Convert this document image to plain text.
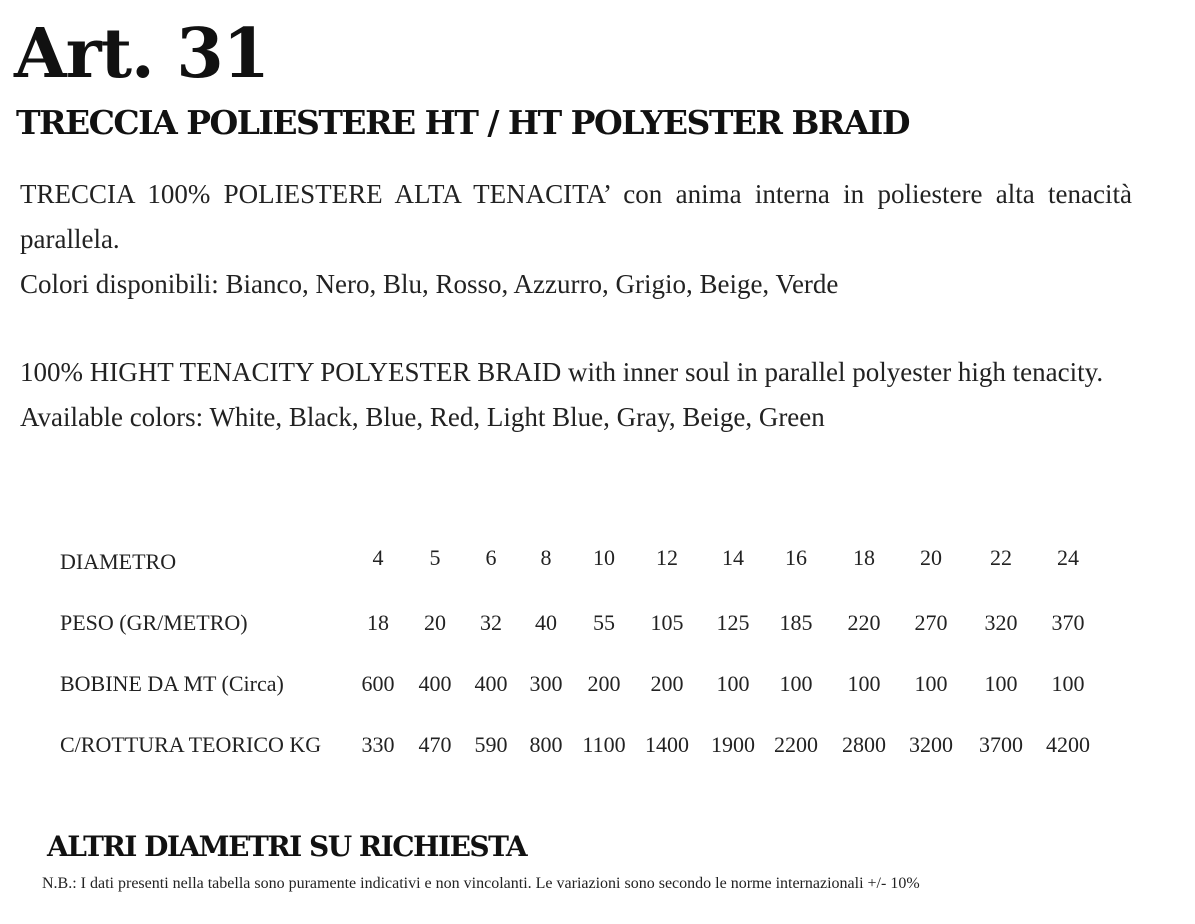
Art. 31
TRECCIA POLIESTERE HT / HT POLYESTER BRAID

TRECCIA 100% POLIESTERE ALTA TENACITA’ con anima interna in poliestere alta tenacità parallela.

Colori disponibili: Bianco, Nero, Blu, Rosso, Azzurro, Grigio, Beige, Verde

100% HIGHT TENACITY POLYESTER BRAID with inner soul in parallel polyester high tenacity.

Available colors: White, Black, Blue, Red, Light Blue, Gray, Beige, Green

DIAMETRO	4	5	6	8	10	12	14	16	18	20	22	24
PESO (GR/METRO)	18	20	32	40	55	105	125	185	220	270	320	370
BOBINE DA MT (Circa)	600	400	400	300	200	200	100	100	100	100	100	100
C/ROTTURA TEORICO KG	330	470	590	800	1100	1400	1900	2200	2800	3200	3700	4200
ALTRI DIAMETRI SU RICHIESTA

N.B.: I dati presenti nella tabella sono puramente indicativi e non vincolanti. Le variazioni sono secondo le norme internazionali +/- 10%
